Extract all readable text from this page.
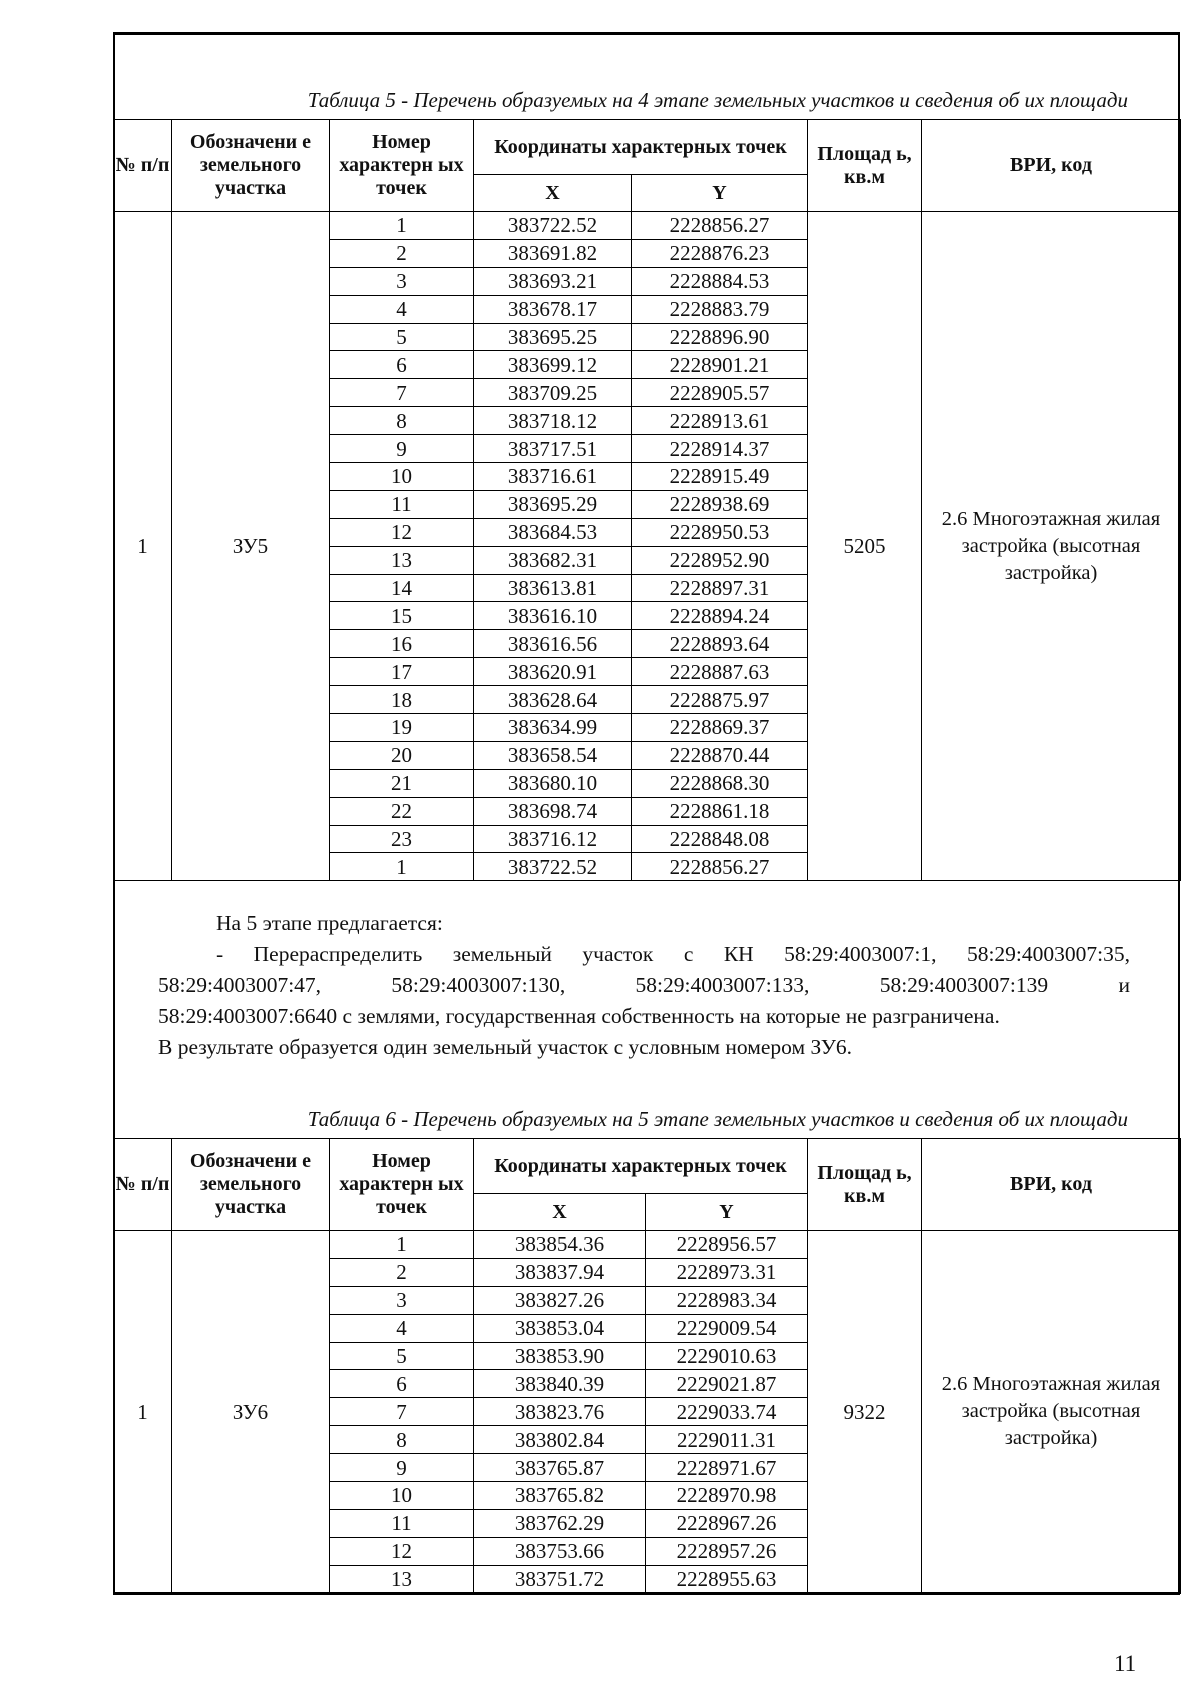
Таблица 5 - Перечень образуемых на 4 этапе земельных участков и сведения об их площади
№ п/п	Обозначени е земельного участка	Номер характерн ых точек	Координаты характерных точек		Площад ь, кв.м	ВРИ, код
			X	Y		
1	ЗУ5	1	383722.52	2228856.27	5205	2.6 Многоэтажная жилая застройка (высотная застройка)
		2	383691.82	2228876.23		
		3	383693.21	2228884.53		
		4	383678.17	2228883.79		
		5	383695.25	2228896.90		
		6	383699.12	2228901.21		
		7	383709.25	2228905.57		
		8	383718.12	2228913.61		
		9	383717.51	2228914.37		
		10	383716.61	2228915.49		
		11	383695.29	2228938.69		
		12	383684.53	2228950.53		
		13	383682.31	2228952.90		
		14	383613.81	2228897.31		
		15	383616.10	2228894.24		
		16	383616.56	2228893.64		
		17	383620.91	2228887.63		
		18	383628.64	2228875.97		
		19	383634.99	2228869.37		
		20	383658.54	2228870.44		
		21	383680.10	2228868.30		
		22	383698.74	2228861.18		
		23	383716.12	2228848.08		
		1	383722.52	2228856.27		

На 5 этапе предлагается:

- Перераспределить земельный участок с КН 58:29:4003007:1, 58:29:4003007:35,

58:29:4003007:47, 58:29:4003007:130, 58:29:4003007:133, 58:29:4003007:139 и

58:29:4003007:6640 с землями, государственная собственность на которые не разграничена.

В результате образуется один земельный участок с условным номером ЗУ6.

Таблица 6 - Перечень образуемых на 5 этапе земельных участков и сведения об их площади
№ п/п	Обозначени е земельного участка	Номер характерн ых точек	Координаты характерных точек		Площад ь, кв.м	ВРИ, код
			X	Y		
1	ЗУ6	1	383854.36	2228956.57	9322	2.6 Многоэтажная жилая застройка (высотная застройка)
		2	383837.94	2228973.31		
		3	383827.26	2228983.34		
		4	383853.04	2229009.54		
		5	383853.90	2229010.63		
		6	383840.39	2229021.87		
		7	383823.76	2229033.74		
		8	383802.84	2229011.31		
		9	383765.87	2228971.67		
		10	383765.82	2228970.98		
		11	383762.29	2228967.26		
		12	383753.66	2228957.26		
		13	383751.72	2228955.63		
11
